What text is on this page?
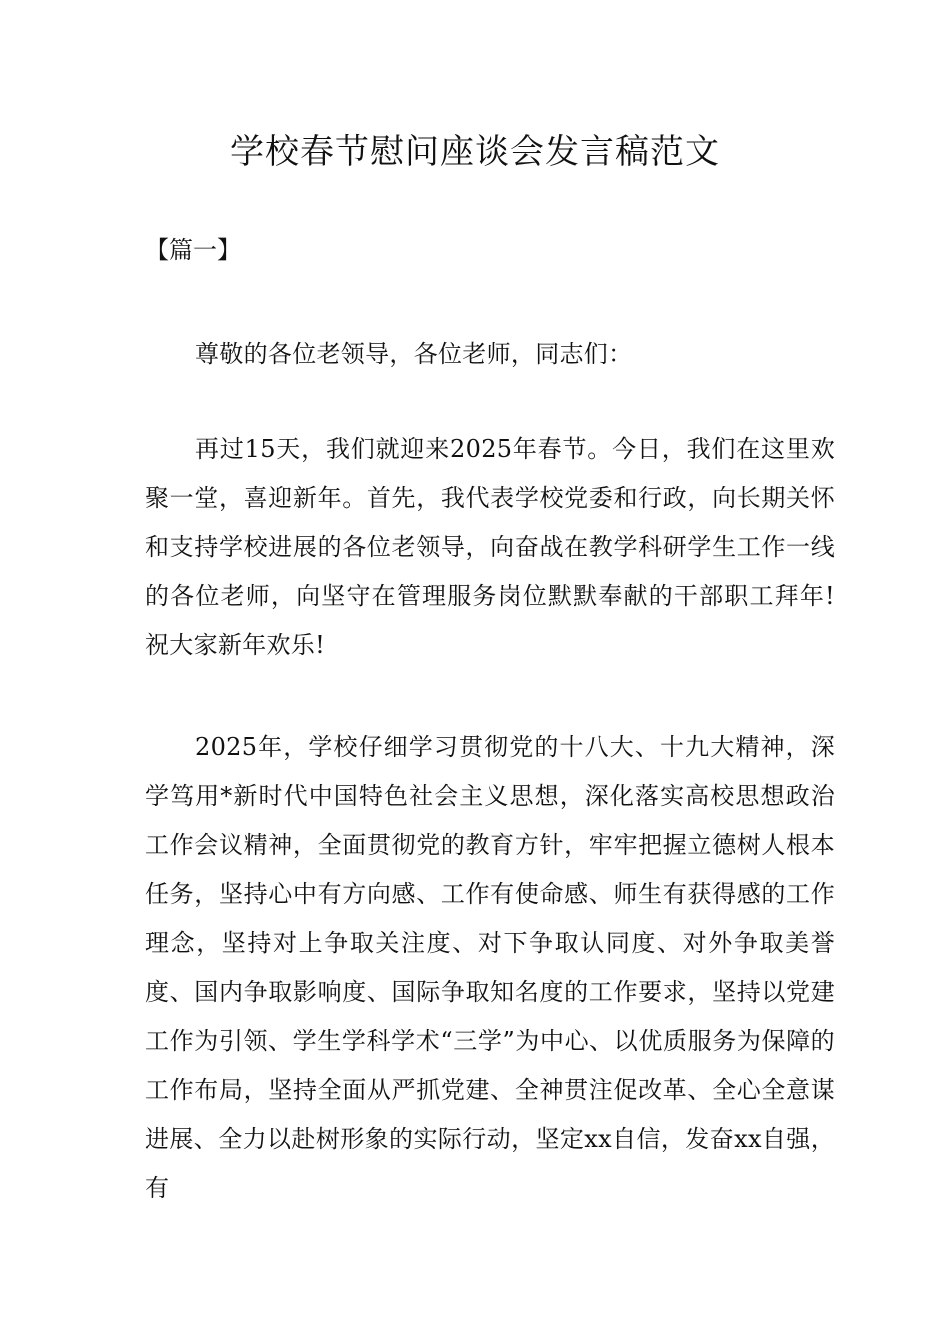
学校春节慰问座谈会发言稿范文
【篇一】

尊敬的各位老领导，各位老师，同志们：

再过15天，我们就迎来2025年春节。今日，我们在这里欢聚一堂，喜迎新年。首先，我代表学校党委和行政，向长期关怀和支持学校进展的各位老领导，向奋战在教学科研学生工作一线的各位老师，向坚守在管理服务岗位默默奉献的干部职工拜年!祝大家新年欢乐!

2025年，学校仔细学习贯彻党的十八大、十九大精神，深学笃用*新时代中国特色社会主义思想，深化落实高校思想政治工作会议精神，全面贯彻党的教育方针，牢牢把握立德树人根本任务，坚持心中有方向感、工作有使命感、师生有获得感的工作理念，坚持对上争取关注度、对下争取认同度、对外争取美誉度、国内争取影响度、国际争取知名度的工作要求，坚持以党建工作为引领、学生学科学术“三学”为中心、以优质服务为保障的工作布局，坚持全面从严抓党建、全神贯注促改革、全心全意谋进展、全力以赴树形象的实际行动，坚定xx自信，发奋xx自强，有
